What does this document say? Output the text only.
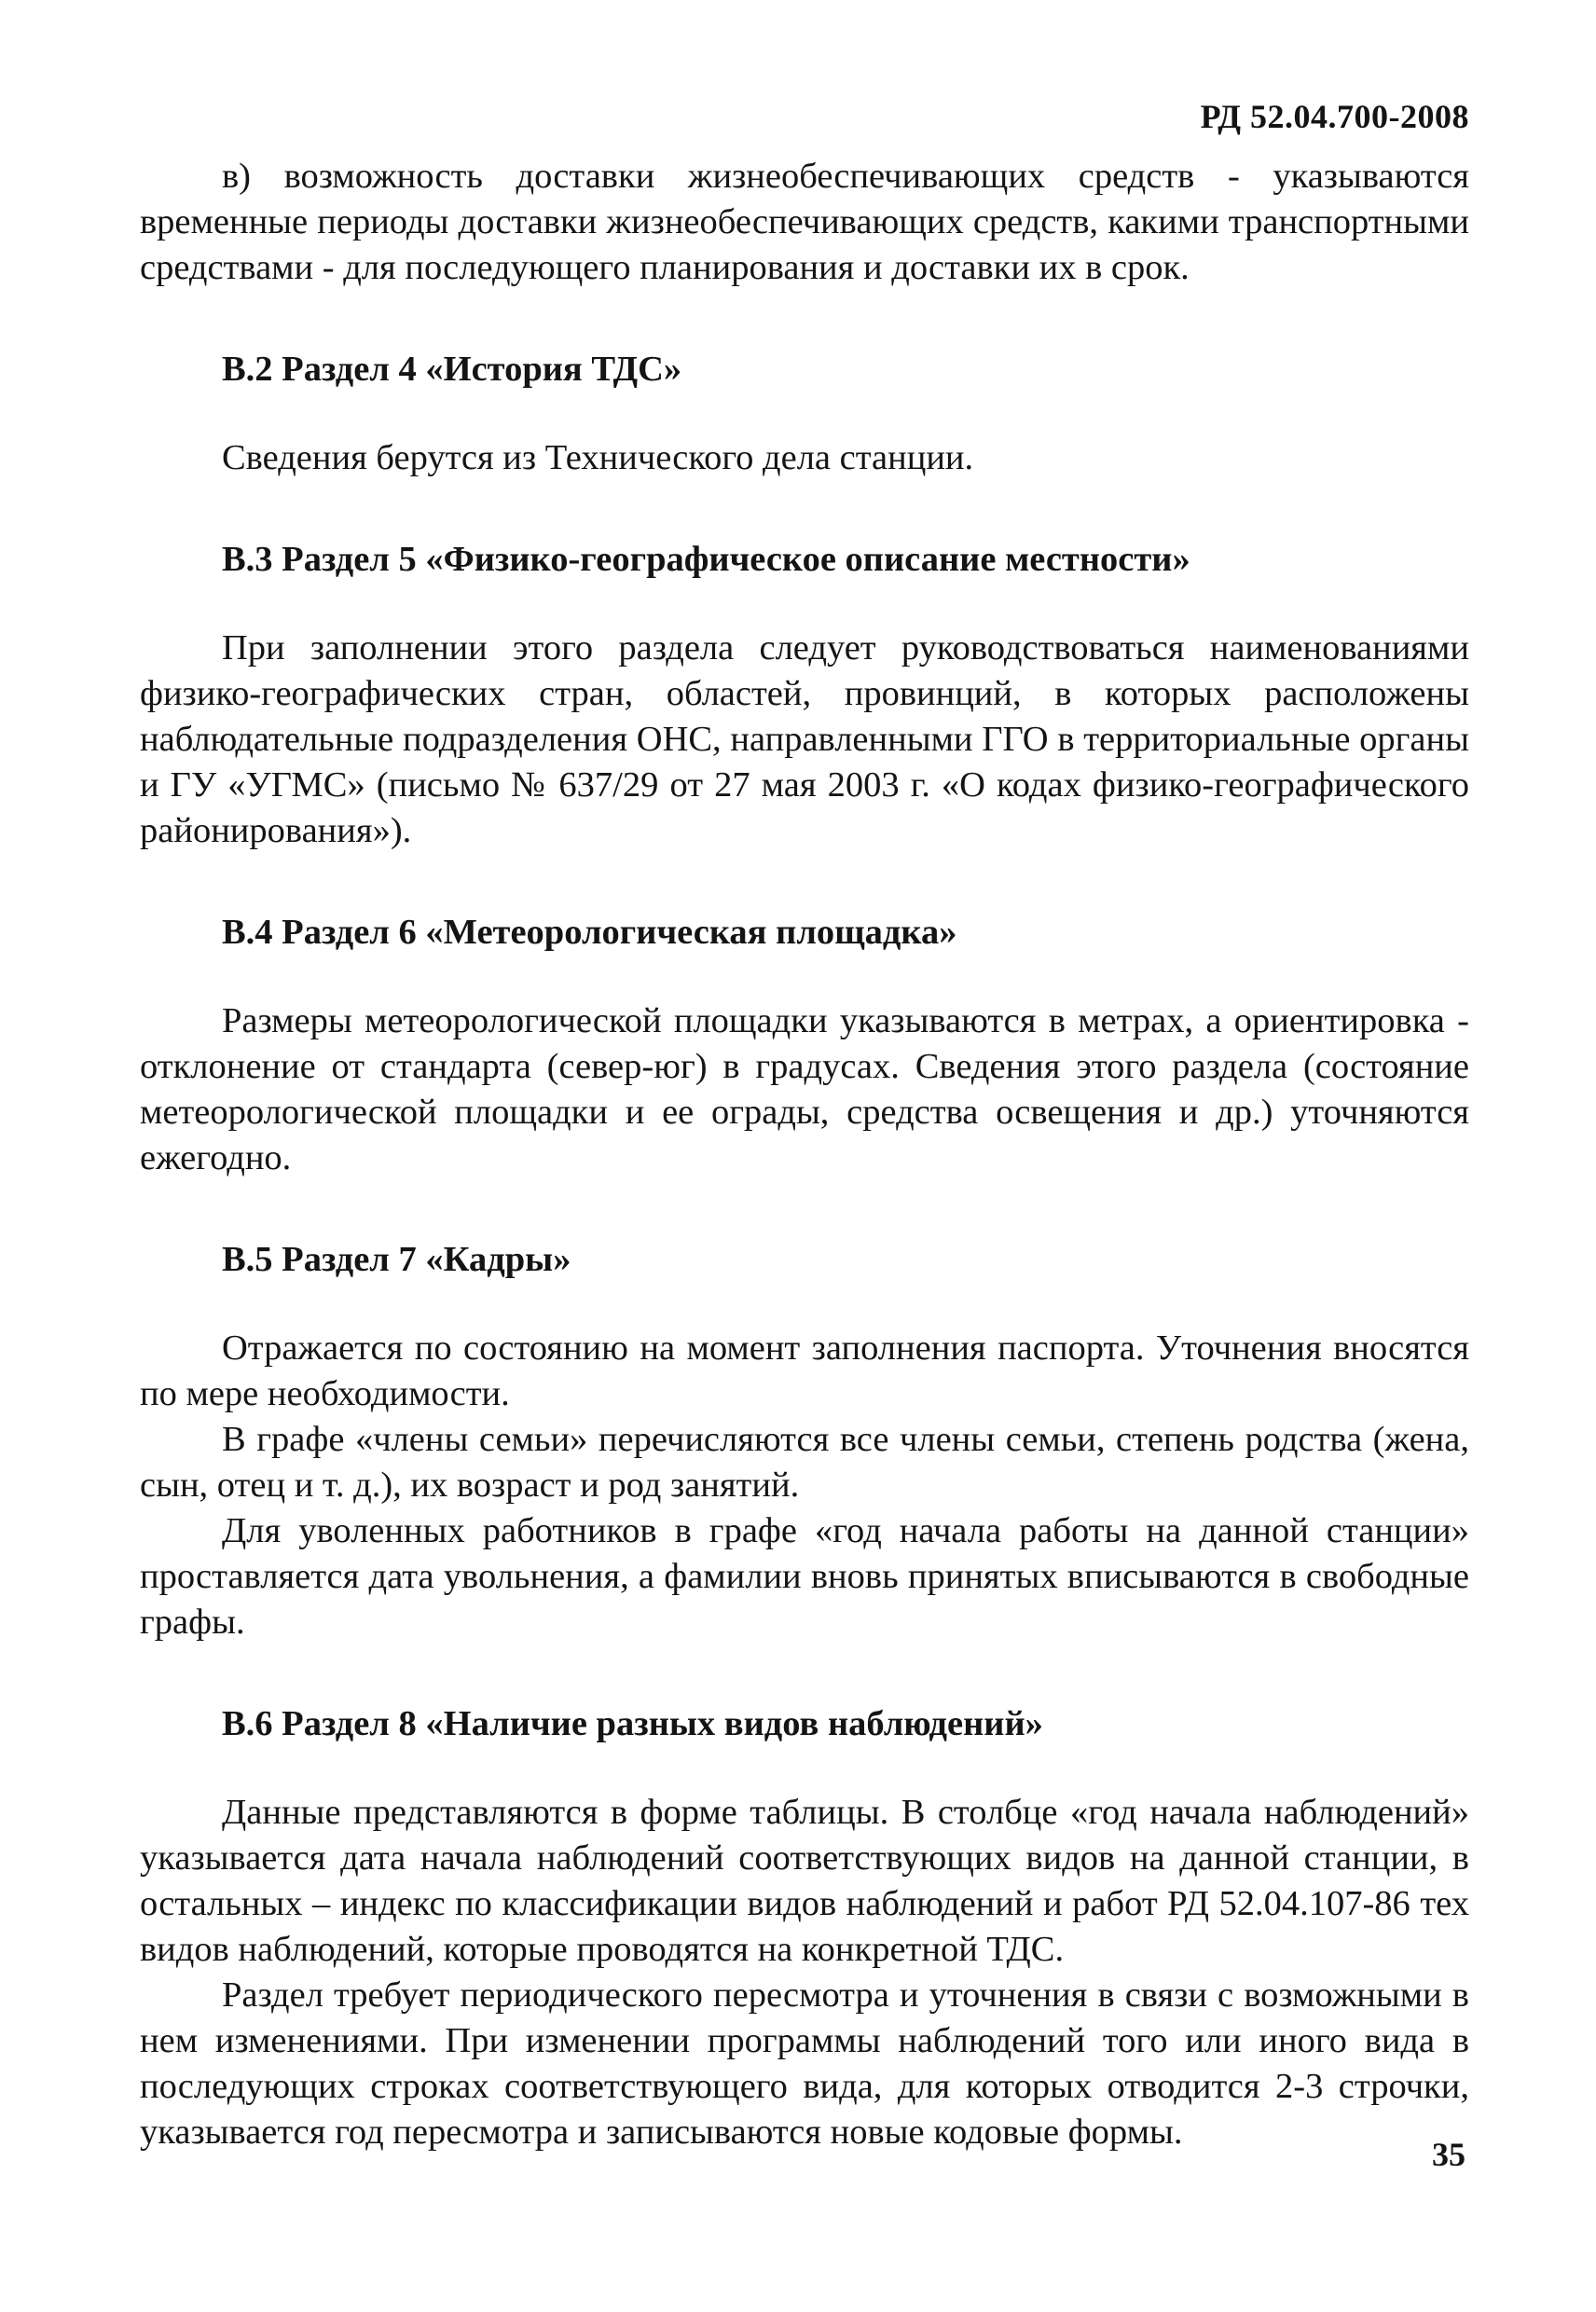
РД 52.04.700-2008

в) возможность доставки жизнеобеспечивающих средств - указываются временные периоды доставки жизнеобеспечивающих средств, какими транспортными средствами - для последующего планирования и доставки их в срок.

В.2 Раздел 4 «История ТДС»

Сведения берутся из Технического дела станции.

В.3 Раздел 5 «Физико-географическое описание местности»

При заполнении этого раздела следует руководствоваться наименованиями физико-географических стран, областей, провинций, в которых расположены наблюдательные подразделения ОНС, направленными ГГО в территориальные органы и ГУ «УГМС» (письмо № 637/29 от 27 мая 2003 г. «О кодах физико-географического районирования»).

В.4 Раздел 6 «Метеорологическая площадка»

Размеры метеорологической площадки указываются в метрах, а ориентировка - отклонение от стандарта (север-юг) в градусах. Сведения этого раздела (состояние метеорологической площадки и ее ограды, средства освещения и др.) уточняются ежегодно.

В.5 Раздел 7 «Кадры»

Отражается по состоянию на момент заполнения паспорта. Уточнения вносятся по мере необходимости.

В графе «члены семьи» перечисляются все члены семьи, степень родства (жена, сын, отец и т. д.), их возраст и род занятий.

Для уволенных работников в графе «год начала работы на данной станции» проставляется дата увольнения, а фамилии вновь принятых вписываются в свободные графы.

В.6 Раздел 8 «Наличие разных видов наблюдений»

Данные представляются в форме таблицы. В столбце «год начала наблюдений» указывается дата начала наблюдений соответствующих видов на данной станции, в остальных – индекс по классификации видов наблюдений и работ РД 52.04.107-86 тех видов наблюдений, которые проводятся на конкретной ТДС.

Раздел требует периодического пересмотра и уточнения в связи с возможными в нем изменениями. При изменении программы наблюдений того или иного вида в последующих строках соответствующего вида, для которых отводится 2-3 строчки, указывается год пересмотра и записываются новые кодовые формы.

35
